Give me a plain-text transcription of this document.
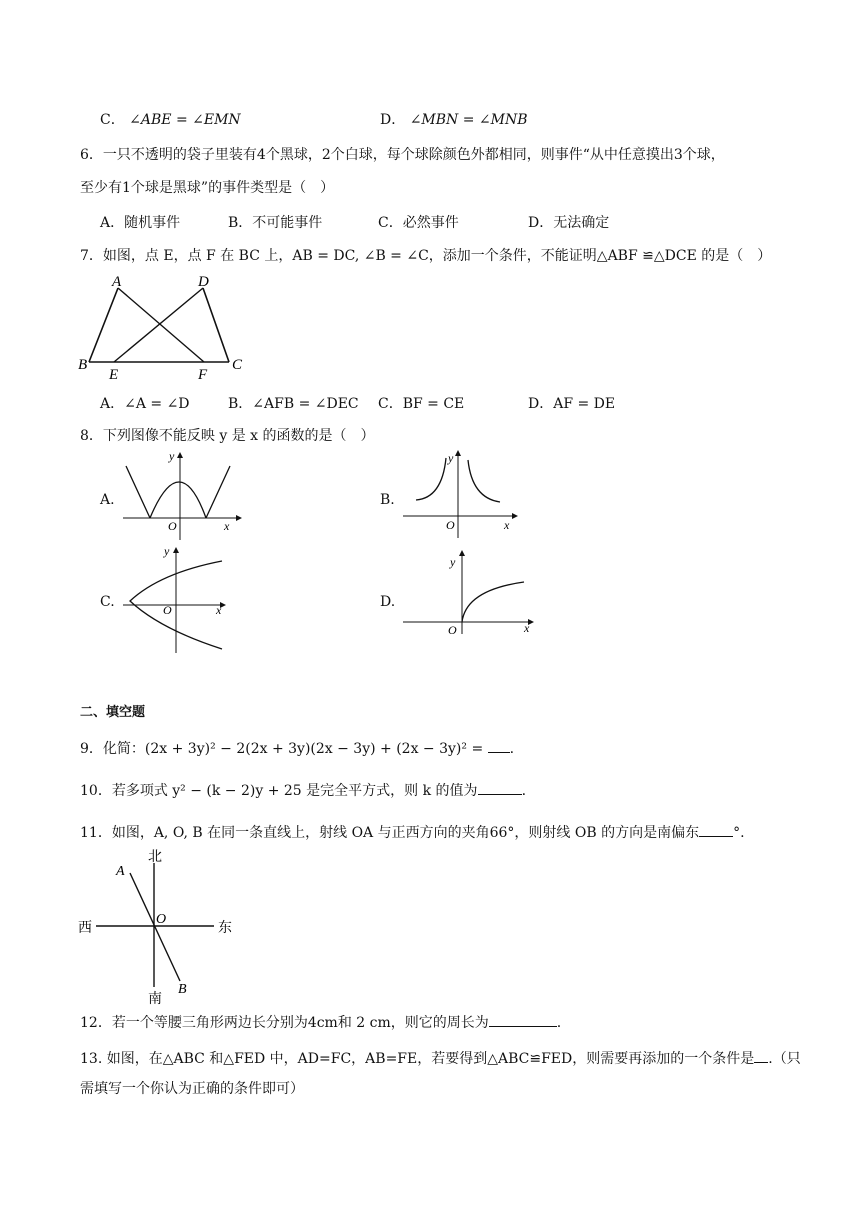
C． ∠ABE = ∠EMN	D． ∠MBN = ∠MNB
6．一只不透明的袋子里装有4个黑球，2个白球，每个球除颜色外都相同，则事件“从中任意摸出3个球，
至少有1个球是黑球”的事件类型是（　）
A．随机事件	B．不可能事件	C．必然事件	D．无法确定
7．如图，点 E，点 F 在 BC 上，AB = DC, ∠B = ∠C，添加一个条件，不能证明△ABF ≌△DCE 的是（　）
A	D
B
E	F
C
A．∠A = ∠D	B．∠AFB = ∠DEC C．BF = CE	D．AF = DE
8．下列图像不能反映 y 是 x 的函数的是（　）
A.
y
O	x
B.
y
O	x
C.
y
O	x	D.
y
O	x
二、填空题
9．化简：(2x + 3y)² − 2(2x + 3y)(2x − 3y) + (2x − 3y)² = .
10．若多项式 y² − (k − 2)y + 25 是完全平方式，则 k 的值为	.
11．如图，A, O, B 在同一条直线上，射线 OA 与正西方向的夹角66°，则射线 OB 的方向是南偏东 °.
北
南
东
西
A
O
B
12．若一个等腰三角形两边长分别为4cm和 2 cm，则它的周长为	.
13. 如图，在△ABC 和△FED 中，AD=FC，AB=FE，若要得到△ABC≌FED，则需要再添加的一个条件是 .（只
需填写一个你认为正确的条件即可）
